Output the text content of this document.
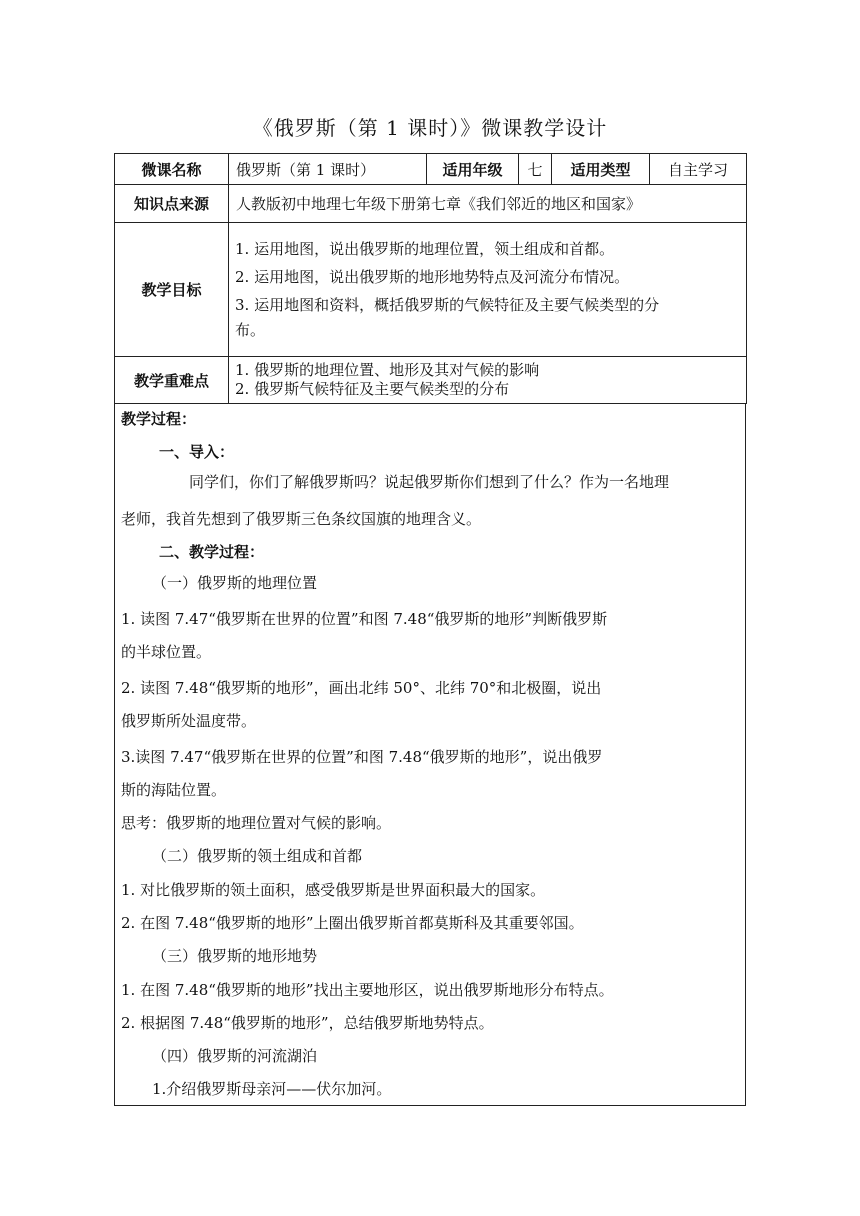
《俄罗斯（第 1 课时）》微课教学设计
微课名称	俄罗斯（第 1 课时）	适用年级	七	适用类型	自主学习
知识点来源	人教版初中地理七年级下册第七章《我们邻近的地区和国家》				
教学目标	1. 运用地图，说出俄罗斯的地理位置，领土组成和首都。
2. 运用地图，说出俄罗斯的地形地势特点及河流分布情况。
3. 运用地图和资料，概括俄罗斯的气候特征及主要气候类型的分
布。				

教学重难点	1. 俄罗斯的地理位置、地形及其对气候的影响
2. 俄罗斯气候特征及主要气候类型的分布				
教学过程：
一、导入：
同学们，你们了解俄罗斯吗？说起俄罗斯你们想到了什么？作为一名地理
老师，我首先想到了俄罗斯三色条纹国旗的地理含义。
二、教学过程：
（一）俄罗斯的地理位置
1. 读图 7.47“俄罗斯在世界的位置”和图 7.48“俄罗斯的地形”判断俄罗斯
的半球位置。
2. 读图 7.48“俄罗斯的地形”，画出北纬 50°、北纬 70°和北极圈，说出
俄罗斯所处温度带。
3.读图 7.47“俄罗斯在世界的位置”和图 7.48“俄罗斯的地形”，说出俄罗
斯的海陆位置。
思考：俄罗斯的地理位置对气候的影响。
（二）俄罗斯的领土组成和首都
1. 对比俄罗斯的领土面积，感受俄罗斯是世界面积最大的国家。
2. 在图 7.48“俄罗斯的地形”上圈出俄罗斯首都莫斯科及其重要邻国。
（三）俄罗斯的地形地势
1. 在图 7.48“俄罗斯的地形”找出主要地形区，说出俄罗斯地形分布特点。
2. 根据图 7.48“俄罗斯的地形”，总结俄罗斯地势特点。
（四）俄罗斯的河流湖泊
1.介绍俄罗斯母亲河——伏尔加河。
